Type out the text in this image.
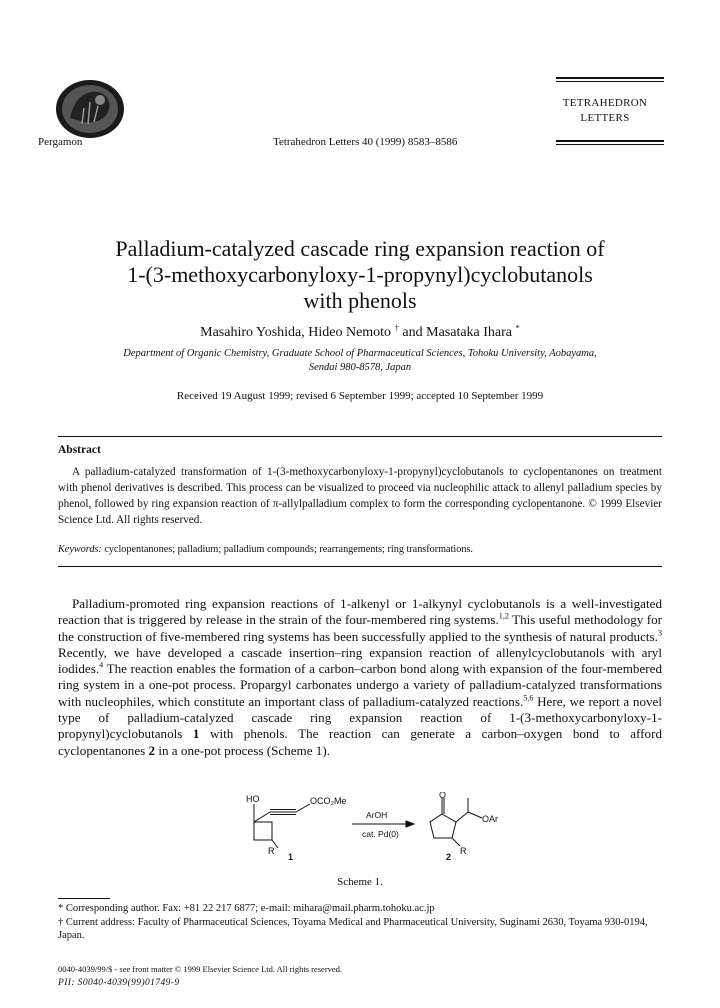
Pergamon	Tetrahedron Letters 40 (1999) 8583–8586
TETRAHEDRON
LETTERS
Palladium-catalyzed cascade ring expansion reaction of
1-(3-methoxycarbonyloxy-1-propynyl)cyclobutanols
with phenols
Masahiro Yoshida, Hideo Nemoto † and Masataka Ihara *
Department of Organic Chemistry, Graduate School of Pharmaceutical Sciences, Tohoku University, Aobayama,
Sendai 980-8578, Japan
Received 19 August 1999; revised 6 September 1999; accepted 10 September 1999
Abstract

A palladium-catalyzed transformation of 1-(3-methoxycarbonyloxy-1-propynyl)cyclobutanols to cyclopentanones on treatment with phenol derivatives is described. This process can be visualized to proceed via nucleophilic attack to allenyl palladium species by phenol, followed by ring expansion reaction of π-allylpalladium complex to form the corresponding cyclopentanone. © 1999 Elsevier Science Ltd. All rights reserved.

Keywords: cyclopentanones; palladium; palladium compounds; rearrangements; ring transformations.

Palladium-promoted ring expansion reactions of 1-alkenyl or 1-alkynyl cyclobutanols is a well-investigated reaction that is triggered by release in the strain of the four-membered ring systems.$^{1,2}$ This useful methodology for the construction of five-membered ring systems has been successfully applied to the synthesis of natural products.$^3$ Recently, we have developed a cascade insertion–ring expansion reaction of allenylcyclobutanols with aryl iodides.$^4$ The reaction enables the formation of a carbon–carbon bond along with expansion of the four-membered ring system in a one-pot process. Propargyl carbonates undergo a variety of palladium-catalyzed transformations with nucleophiles, which constitute an important class of palladium-catalyzed reactions.$^{5,6}$ Here, we report a novel type of palladium-catalyzed cascade ring expansion reaction of 1-(3-methoxycarbonyloxy-1-propynyl)cyclobutanols 1 with phenols. The reaction can generate a carbon–oxygen bond to afford cyclopentanones 2 in a one-pot process (Scheme 1).

HO	OCO₂Me
R
1
ArOH
cat. Pd(0)
O
OAr
R
2
Scheme 1.
* Corresponding author. Fax: +81 22 217 6877; e-mail: mihara@mail.pharm.tohoku.ac.jp
† Current address: Faculty of Pharmaceutical Sciences, Toyama Medical and Pharmaceutical University, Suginami 2630, Toyama 930-0194, Japan.
0040-4039/99/$ - see front matter © 1999 Elsevier Science Ltd. All rights reserved.
PII: S0040-4039(99)01749-9
